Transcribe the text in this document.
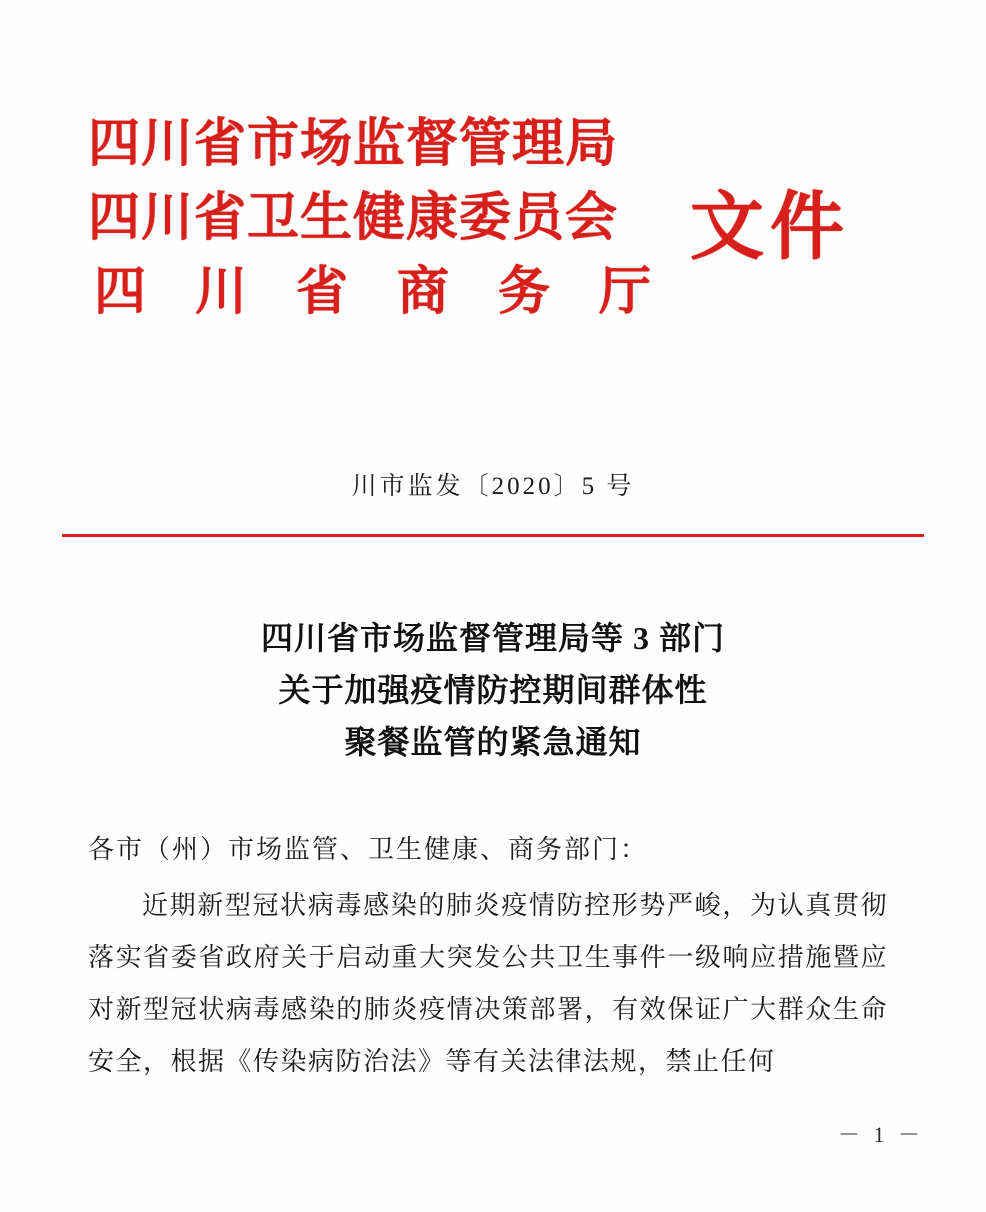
四川省市场监督管理局
四川省卫生健康委员会
四 川 省 商 务 厅
文件
川市监发〔2020〕5 号
四川省市场监督管理局等 3 部门
关于加强疫情防控期间群体性
聚餐监管的紧急通知
各市（州）市场监管、卫生健康、商务部门：
近期新型冠状病毒感染的肺炎疫情防控形势严峻，为认真贯彻落实省委省政府关于启动重大突发公共卫生事件一级响应措施暨应对新型冠状病毒感染的肺炎疫情决策部署，有效保证广大群众生命安全，根据《传染病防治法》等有关法律法规，禁止任何
－ 1 －
